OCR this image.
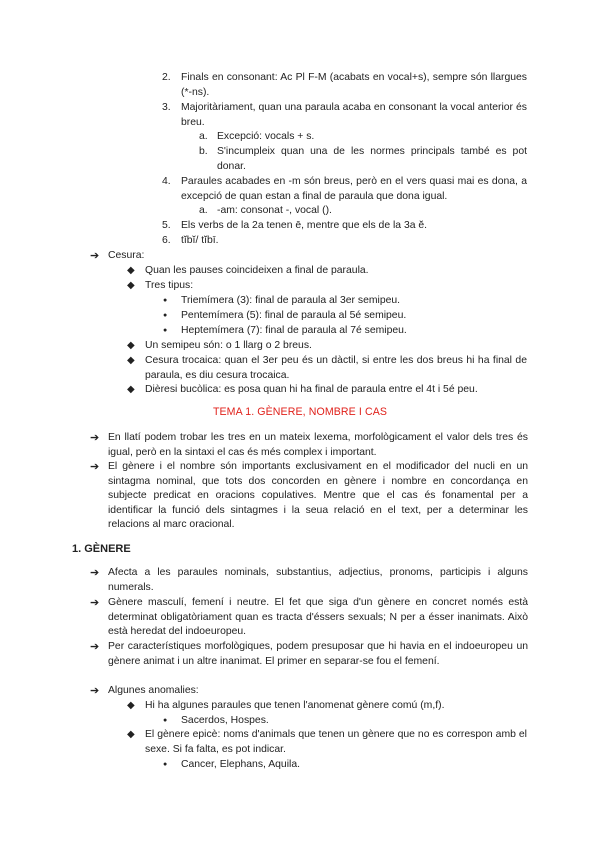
2. Finals en consonant: Ac Pl F-M (acabats en vocal+s), sempre són llargues (*-ns).
3. Majoritàriament, quan una paraula acaba en consonant la vocal anterior és breu.
a. Excepció: vocals + s.
b. S'incumpleix quan una de les normes principals també es pot donar.
4. Paraules acabades en -m són breus, però en el vers quasi mai es dona, a excepció de quan estan a final de paraula que dona igual.
a. -am: consonat -, vocal ().
5. Els verbs de la 2a tenen ē, mentre que els de la 3a ĕ.
6. tĭbĭ/ tĭbī.
➔ Cesura:
◆ Quan les pauses coincideixen a final de paraula.
◆ Tres tipus:
● Triemímera (3): final de paraula al 3er semipeu.
● Pentemímera (5): final de paraula al 5é semipeu.
● Heptemímera (7): final de paraula al 7é semipeu.
◆ Un semipeu són: o 1 llarg o 2 breus.
◆ Cesura trocaica: quan el 3er peu és un dàctil, si entre les dos breus hi ha final de paraula, es diu cesura trocaica.
◆ Dièresi bucòlica: es posa quan hi ha final de paraula entre el 4t i 5é peu.
TEMA 1. GÈNERE, NOMBRE I CAS
➔ En llatí podem trobar les tres en un mateix lexema, morfològicament el valor dels tres és igual, però en la sintaxi el cas és més complex i important.
➔ El gènere i el nombre són importants exclusivament en el modificador del nucli en un sintagma nominal, que tots dos concorden en gènere i nombre en concordança en subjecte predicat en oracions copulatives. Mentre que el cas és fonamental per a identificar la funció dels sintagmes i la seua relació en el text, per a determinar les relacions al marc oracional.
1. GÈNERE
➔ Afecta a les paraules nominals, substantius, adjectius, pronoms, participis i alguns numerals.
➔ Gènere masculí, femení i neutre. El fet que siga d'un gènere en concret només està determinat obligatòriament quan es tracta d'éssers sexuals; N per a ésser inanimats. Això està heredat del indoeuropeu.
➔ Per característiques morfològiques, podem presuposar que hi havia en el indoeuropeu un gènere animat i un altre inanimat. El primer en separar-se fou el femení.
➔ Algunes anomalies:
◆ Hi ha algunes paraules que tenen l'anomenat gènere comú (m,f).
● Sacerdos, Hospes.
◆ El gènere epicè: noms d'animals que tenen un gènere que no es correspon amb el sexe. Si fa falta, es pot indicar.
● Cancer, Elephans, Aquila.
